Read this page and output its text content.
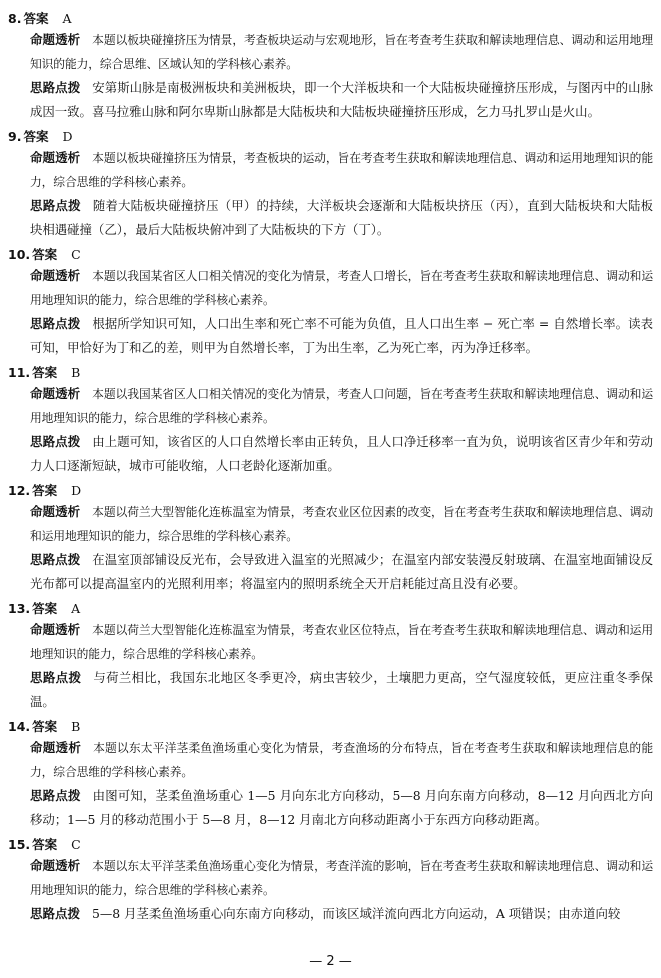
8. 答案 A
命题透析 本题以板块碰撞挤压为情景，考查板块运动与宏观地形，旨在考查考生获取和解读地理信息、调动和运用地理知识的能力，综合思维、区域认知的学科核心素养。
思路点拨 安第斯山脉是南极洲板块和美洲板块，即一个大洋板块和一个大陆板块碰撞挤压形成，与图丙中的山脉成因一致。喜马拉雅山脉和阿尔卑斯山脉都是大陆板块和大陆板块碰撞挤压形成，乞力马扎罗山是火山。
9. 答案 D
命题透析 本题以板块碰撞挤压为情景，考查板块的运动，旨在考查考生获取和解读地理信息、调动和运用地理知识的能力，综合思维的学科核心素养。
思路点拨 随着大陆板块碰撞挤压（甲）的持续，大洋板块会逐渐和大陆板块挤压（丙），直到大陆板块和大陆板块相遇碰撞（乙），最后大陆板块俯冲到了大陆板块的下方（丁）。
10. 答案 C
命题透析 本题以我国某省区人口相关情况的变化为情景，考查人口增长，旨在考查考生获取和解读地理信息、调动和运用地理知识的能力，综合思维的学科核心素养。
思路点拨 根据所学知识可知，人口出生率和死亡率不可能为负值，且人口出生率 − 死亡率 = 自然增长率。读表可知，甲恰好为丁和乙的差，则甲为自然增长率，丁为出生率，乙为死亡率，丙为净迁移率。
11. 答案 B
命题透析 本题以我国某省区人口相关情况的变化为情景，考查人口问题，旨在考查考生获取和解读地理信息、调动和运用地理知识的能力，综合思维的学科核心素养。
思路点拨 由上题可知，该省区的人口自然增长率由正转负，且人口净迁移率一直为负，说明该省区青少年和劳动力人口逐渐短缺，城市可能收缩，人口老龄化逐渐加重。
12. 答案 D
命题透析 本题以荷兰大型智能化连栋温室为情景，考查农业区位因素的改变，旨在考查考生获取和解读地理信息、调动和运用地理知识的能力，综合思维的学科核心素养。
思路点拨 在温室顶部铺设反光布，会导致进入温室的光照减少；在温室内部安装漫反射玻璃、在温室地面铺设反光布都可以提高温室内的光照利用率；将温室内的照明系统全天开启耗能过高且没有必要。
13. 答案 A
命题透析 本题以荷兰大型智能化连栋温室为情景，考查农业区位特点，旨在考查考生获取和解读地理信息、调动和运用地理知识的能力，综合思维的学科核心素养。
思路点拨 与荷兰相比，我国东北地区冬季更冷，病虫害较少，土壤肥力更高，空气湿度较低，更应注重冬季保温。
14. 答案 B
命题透析 本题以东太平洋茎柔鱼渔场重心变化为情景，考查渔场的分布特点，旨在考查考生获取和解读地理信息的能力，综合思维的学科核心素养。
思路点拨 由图可知，茎柔鱼渔场重心 1—5 月向东北方向移动，5—8 月向东南方向移动，8—12 月向西北方向移动；1—5 月的移动范围小于 5—8 月，8—12 月南北方向移动距离小于东西方向移动距离。
15. 答案 C
命题透析 本题以东太平洋茎柔鱼渔场重心变化为情景，考查洋流的影响，旨在考查考生获取和解读地理信息、调动和运用地理知识的能力，综合思维的学科核心素养。
思路点拨 5—8 月茎柔鱼渔场重心向东南方向移动，而该区域洋流向西北方向运动，A 项错误；由赤道向较
— 2 —
